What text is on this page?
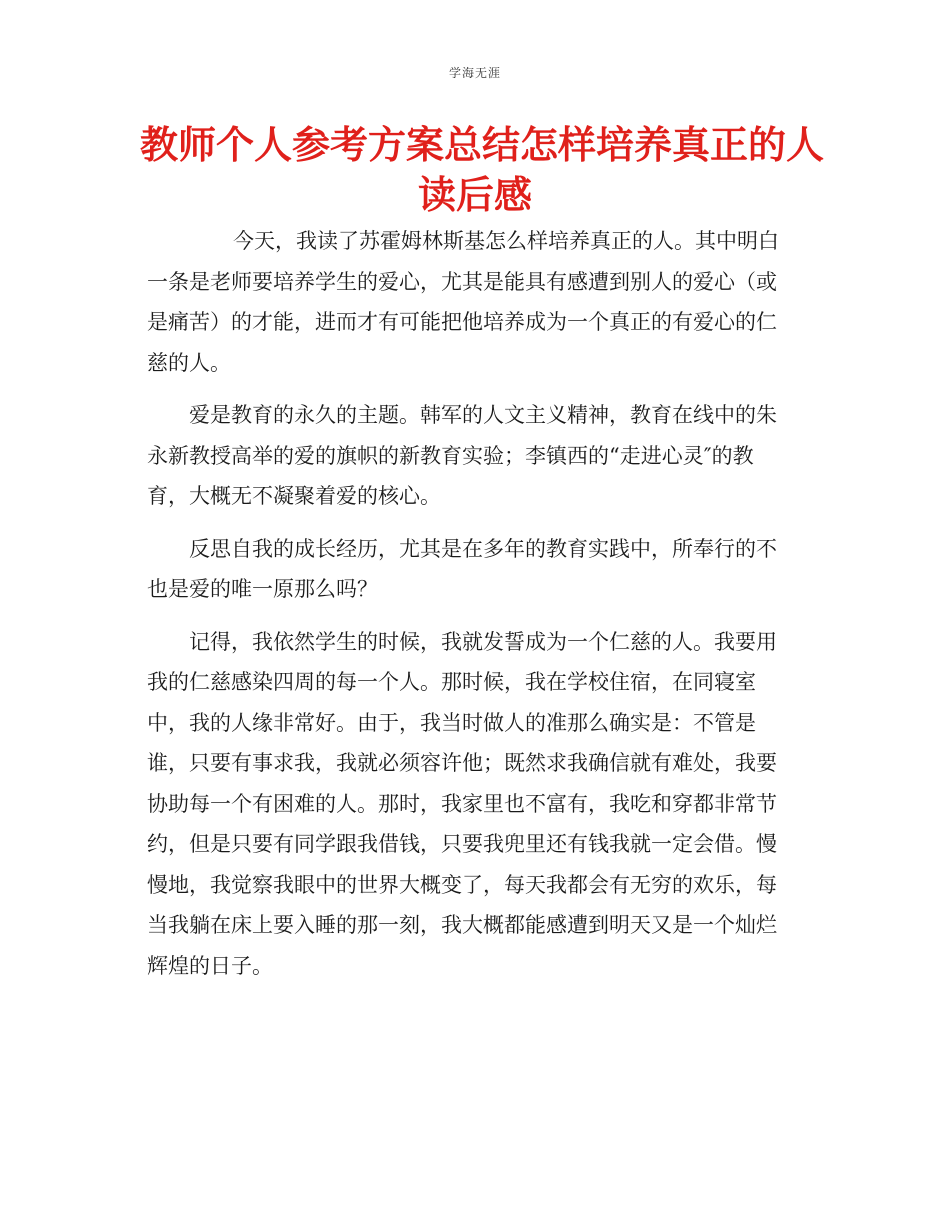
学海无涯
教师个人参考方案总结怎样培养真正的人
读后感

今天，我读了苏霍姆林斯基怎么样培养真正的人。其中明白
一条是老师要培养学生的爱心，尤其是能具有感遭到别人的爱心（或
是痛苦）的才能，进而才有可能把他培养成为一个真正的有爱心的仁
慈的人。

爱是教育的永久的主题。韩军的人文主义精神，教育在线中的朱
永新教授高举的爱的旗帜的新教育实验；李镇西的“走进心灵″的教
育，大概无不凝聚着爱的核心。

反思自我的成长经历，尤其是在多年的教育实践中，所奉行的不
也是爱的唯一原那么吗？

记得，我依然学生的时候，我就发誓成为一个仁慈的人。我要用
我的仁慈感染四周的每一个人。那时候，我在学校住宿，在同寝室
中，我的人缘非常好。由于，我当时做人的准那么确实是：不管是
谁，只要有事求我，我就必须容许他；既然求我确信就有难处，我要
协助每一个有困难的人。那时，我家里也不富有，我吃和穿都非常节
约，但是只要有同学跟我借钱，只要我兜里还有钱我就一定会借。慢
慢地，我觉察我眼中的世界大概变了，每天我都会有无穷的欢乐，每
当我躺在床上要入睡的那一刻，我大概都能感遭到明天又是一个灿烂
辉煌的日子。
